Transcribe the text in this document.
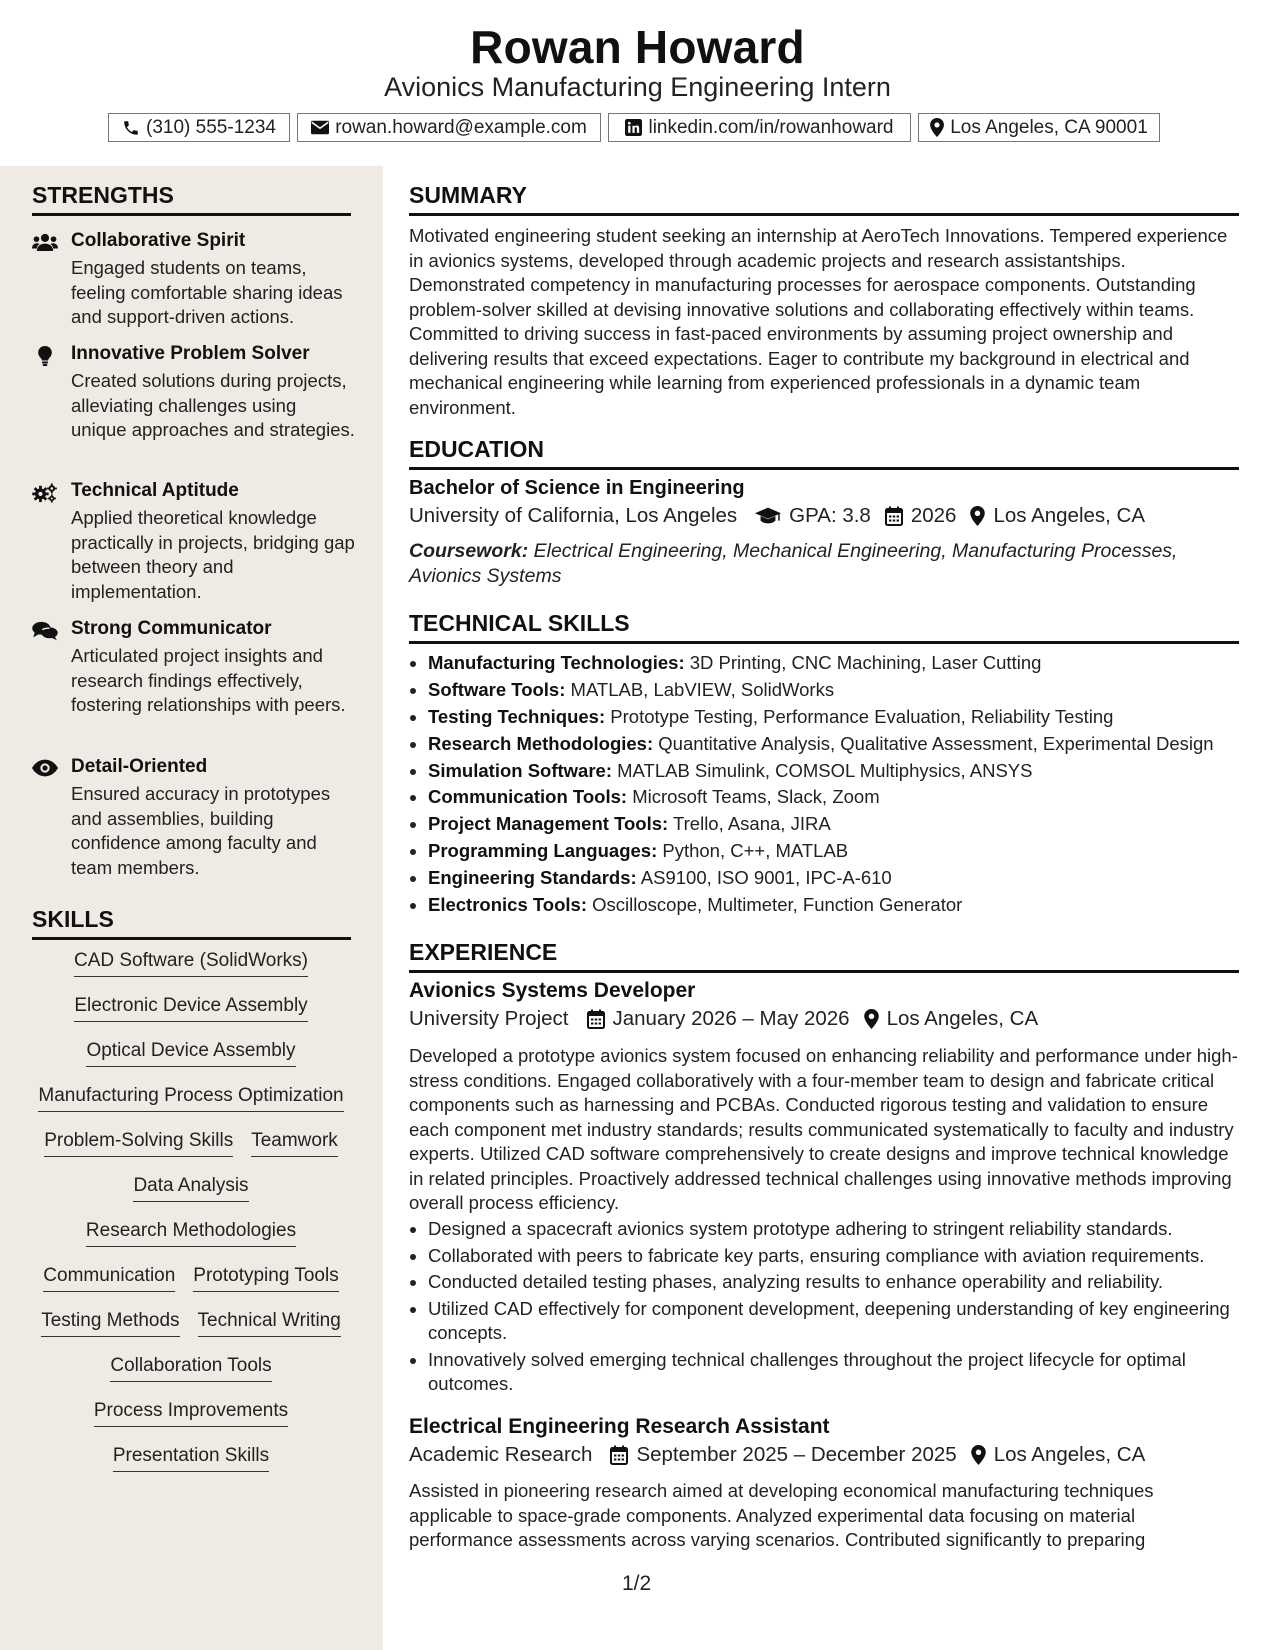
Rowan Howard
Avionics Manufacturing Engineering Intern
(310) 555-1234	rowan.howard@example.com	linkedin.com/in/rowanhoward	Los Angeles, CA 90001
STRENGTHS
Collaborative Spirit
Engaged students on teams, feeling comfortable sharing ideas and support-driven actions.
Innovative Problem Solver
Created solutions during projects, alleviating challenges using unique approaches and strategies.
Technical Aptitude
Applied theoretical knowledge practically in projects, bridging gap between theory and implementation.
Strong Communicator
Articulated project insights and research findings effectively, fostering relationships with peers.
Detail-Oriented
Ensured accuracy in prototypes and assemblies, building confidence among faculty and team members.
SKILLS
CAD Software (SolidWorks)
Electronic Device Assembly
Optical Device Assembly
Manufacturing Process Optimization
Problem-Solving Skills Teamwork
Data Analysis
Research Methodologies
Communication Prototyping Tools
Testing Methods Technical Writing
Collaboration Tools
Process Improvements
Presentation Skills
SUMMARY
Motivated engineering student seeking an internship at AeroTech Innovations. Tempered experience in avionics systems, developed through academic projects and research assistantships. Demonstrated competency in manufacturing processes for aerospace components. Outstanding problem-solver skilled at devising innovative solutions and collaborating effectively within teams. Committed to driving success in fast-paced environments by assuming project ownership and delivering results that exceed expectations. Eager to contribute my background in electrical and mechanical engineering while learning from experienced professionals in a dynamic team environment.
EDUCATION
Bachelor of Science in Engineering
University of California, Los Angeles	GPA: 3.8 2026 Los Angeles, CA
Coursework: Electrical Engineering, Mechanical Engineering, Manufacturing Processes, Avionics Systems
TECHNICAL SKILLS
• Manufacturing Technologies: 3D Printing, CNC Machining, Laser Cutting
• Software Tools: MATLAB, LabVIEW, SolidWorks
• Testing Techniques: Prototype Testing, Performance Evaluation, Reliability Testing
• Research Methodologies: Quantitative Analysis, Qualitative Assessment, Experimental Design
• Simulation Software: MATLAB Simulink, COMSOL Multiphysics, ANSYS
• Communication Tools: Microsoft Teams, Slack, Zoom
• Project Management Tools: Trello, Asana, JIRA
• Programming Languages: Python, C++, MATLAB
• Engineering Standards: AS9100, ISO 9001, IPC-A-610
• Electronics Tools: Oscilloscope, Multimeter, Function Generator
EXPERIENCE
Avionics Systems Developer
University Project January 2026 – May 2026 Los Angeles, CA
Developed a prototype avionics system focused on enhancing reliability and performance under high-stress conditions. Engaged collaboratively with a four-member team to design and fabricate critical components such as harnessing and PCBAs. Conducted rigorous testing and validation to ensure each component met industry standards; results communicated systematically to faculty and industry experts. Utilized CAD software comprehensively to create designs and improve technical knowledge in related principles. Proactively addressed technical challenges using innovative methods improving overall process efficiency.
• Designed a spacecraft avionics system prototype adhering to stringent reliability standards.
• Collaborated with peers to fabricate key parts, ensuring compliance with aviation requirements.
• Conducted detailed testing phases, analyzing results to enhance operability and reliability.
• Utilized CAD effectively for component development, deepening understanding of key engineering concepts.
• Innovatively solved emerging technical challenges throughout the project lifecycle for optimal outcomes.
Electrical Engineering Research Assistant
Academic Research September 2025 – December 2025 Los Angeles, CA
Assisted in pioneering research aimed at developing economical manufacturing techniques applicable to space-grade components. Analyzed experimental data focusing on material performance assessments across varying scenarios. Contributed significantly to preparing
1/2
